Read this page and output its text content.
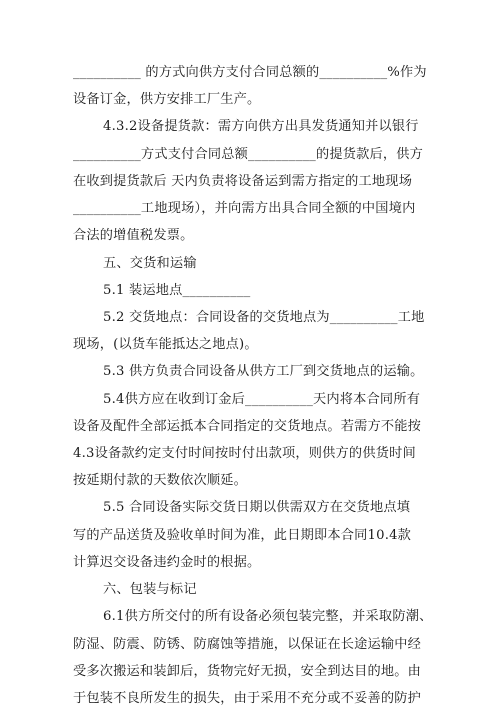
__________ 的方式向供方支付合同总额的__________%作为
设备订金，供方安排工厂生产。
4.3.2设备提货款：需方向供方出具发货通知并以银行
__________方式支付合同总额__________的提货款后，供方
在收到提货款后 天内负责将设备运到需方指定的工地现场
__________工地现场），并向需方出具合同全额的中国境内
合法的增值税发票。
五、交货和运输
5.1 装运地点__________
5.2 交货地点：合同设备的交货地点为__________工地
现场，(以货车能抵达之地点)。
5.3 供方负责合同设备从供方工厂到交货地点的运输。
5.4供方应在收到订金后__________天内将本合同所有
设备及配件全部运抵本合同指定的交货地点。若需方不能按
4.3设备款约定支付时间按时付出款项，则供方的供货时间
按延期付款的天数依次顺延。
5.5 合同设备实际交货日期以供需双方在交货地点填
写的产品送货及验收单时间为准，此日期即本合同10.4款
计算迟交设备违约金时的根据。
六、包装与标记
6.1供方所交付的所有设备必须包装完整，并采取防潮、
防湿、防震、防锈、防腐蚀等措施，以保证在长途运输中经
受多次搬运和装卸后，货物完好无损，安全到达目的地。由
于包装不良所发生的损失，由于采用不充分或不妥善的防护
